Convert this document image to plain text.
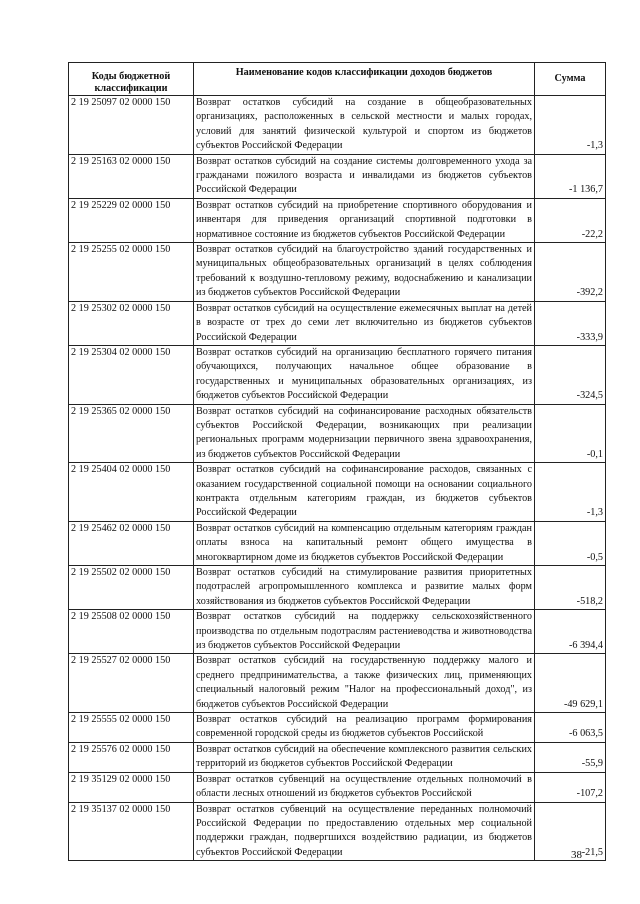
Коды бюджетной классификации	Наименование кодов классификации доходов бюджетов	Сумма
2 19 25097 02 0000 150	Возврат остатков субсидий на создание в общеобразовательных организациях, расположенных в сельской местности и малых городах, условий для занятий физической культурой и спортом из бюджетов субъектов Российской Федерации	-1,3
2 19 25163 02 0000 150	Возврат остатков субсидий на создание системы долговременного ухода за гражданами пожилого возраста и инвалидами из бюджетов субъектов Российской Федерации	-1 136,7
2 19 25229 02 0000 150	Возврат остатков субсидий на приобретение спортивного оборудования и инвентаря для приведения организаций спортивной подготовки в нормативное состояние из бюджетов субъектов Российской Федерации	-22,2
2 19 25255 02 0000 150	Возврат остатков субсидий на благоустройство зданий государственных и муниципальных общеобразовательных организаций в целях соблюдения требований к воздушно-тепловому режиму, водоснабжению и канализации из бюджетов субъектов Российской Федерации	-392,2
2 19 25302 02 0000 150	Возврат остатков субсидий на осуществление ежемесячных выплат на детей в возрасте от трех до семи лет включительно из бюджетов субъектов Российской Федерации	-333,9
2 19 25304 02 0000 150	Возврат остатков субсидий на организацию бесплатного горячего питания обучающихся, получающих начальное общее образование в государственных и муниципальных образовательных организациях, из бюджетов субъектов Российской Федерации	-324,5
2 19 25365 02 0000 150	Возврат остатков субсидий на софинансирование расходных обязательств субъектов Российской Федерации, возникающих при реализации региональных программ модернизации первичного звена здравоохранения, из бюджетов субъектов Российской Федерации	-0,1
2 19 25404 02 0000 150	Возврат остатков субсидий на софинансирование расходов, связанных с оказанием государственной социальной помощи на основании социального контракта отдельным категориям граждан, из бюджетов субъектов Российской Федерации	-1,3
2 19 25462 02 0000 150	Возврат остатков субсидий на компенсацию отдельным категориям граждан оплаты взноса на капитальный ремонт общего имущества в многоквартирном доме из бюджетов субъектов Российской Федерации	-0,5
2 19 25502 02 0000 150	Возврат остатков субсидий на стимулирование развития приоритетных подотраслей агропромышленного комплекса и развитие малых форм хозяйствования из бюджетов субъектов Российской Федерации	-518,2
2 19 25508 02 0000 150	Возврат остатков субсидий на поддержку сельскохозяйственного производства по отдельным подотраслям растениеводства и животноводства из бюджетов субъектов Российской Федерации	-6 394,4
2 19 25527 02 0000 150	Возврат остатков субсидий на государственную поддержку малого и среднего предпринимательства, а также физических лиц, применяющих специальный налоговый режим "Налог на профессиональный доход", из бюджетов субъектов Российской Федерации	-49 629,1
2 19 25555 02 0000 150	Возврат остатков субсидий на реализацию программ формирования современной городской среды из бюджетов субъектов Российской	-6 063,5
2 19 25576 02 0000 150	Возврат остатков субсидий на обеспечение комплексного развития сельских территорий из бюджетов субъектов Российской Федерации	-55,9
2 19 35129 02 0000 150	Возврат остатков субвенций на осуществление отдельных полномочий в области лесных отношений из бюджетов субъектов Российской	-107,2
2 19 35137 02 0000 150	Возврат остатков субвенций на осуществление переданных полномочий Российской Федерации по предоставлению отдельных мер социальной поддержки граждан, подвергшихся воздействию радиации, из бюджетов субъектов Российской Федерации	-21,5
38
